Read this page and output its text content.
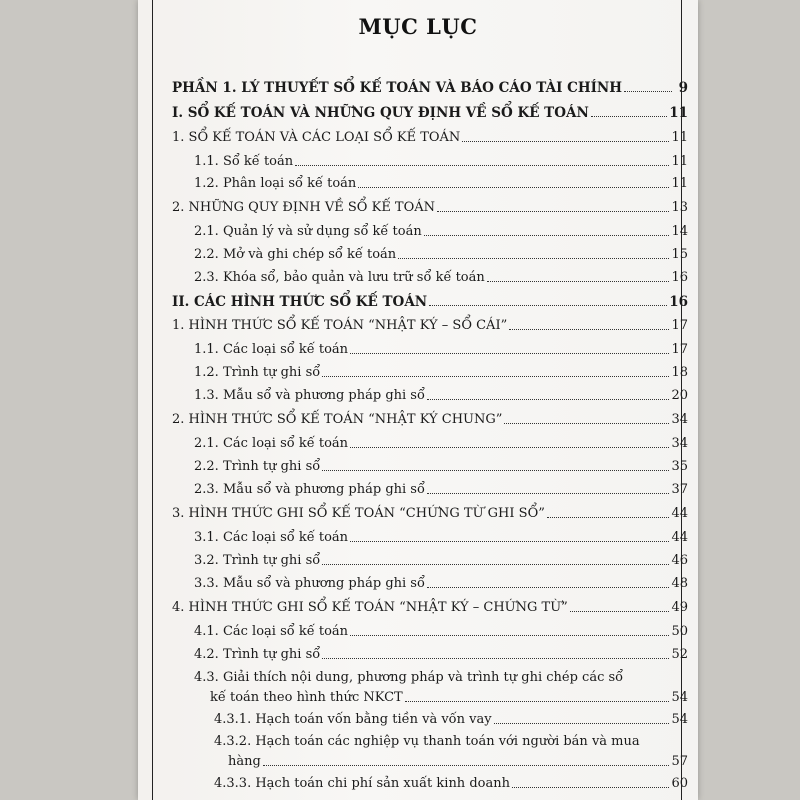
MỤC LỤC
PHẦN 1. LÝ THUYẾT SỔ KẾ TOÁN VÀ BÁO CÁO TÀI CHÍNH	9
I. SỔ KẾ TOÁN VÀ NHỮNG QUY ĐỊNH VỀ SỔ KẾ TOÁN	11
1. SỔ KẾ TOÁN VÀ CÁC LOẠI SỔ KẾ TOÁN	11
1.1. Sổ kế toán	11
1.2. Phân loại sổ kế toán	11
2. NHỮNG QUY ĐỊNH VỀ SỔ KẾ TOÁN	13
2.1. Quản lý và sử dụng sổ kế toán	14
2.2. Mở và ghi chép sổ kế toán	15
2.3. Khóa sổ, bảo quản và lưu trữ sổ kế toán	16
II. CÁC HÌNH THỨC SỔ KẾ TOÁN	16
1. HÌNH THỨC SỔ KẾ TOÁN “NHẬT KÝ – SỔ CÁI”	17
1.1. Các loại sổ kế toán	17
1.2. Trình tự ghi sổ	18
1.3. Mẫu sổ và phương pháp ghi sổ	20
2. HÌNH THỨC SỔ KẾ TOÁN “NHẬT KÝ CHUNG”	34
2.1. Các loại sổ kế toán	34
2.2. Trình tự ghi sổ	35
2.3. Mẫu sổ và phương pháp ghi sổ	37
3. HÌNH THỨC GHI SỔ KẾ TOÁN “CHỨNG TỪ GHI SỔ”	44
3.1. Các loại sổ kế toán	44
3.2. Trình tự ghi sổ	46
3.3. Mẫu sổ và phương pháp ghi sổ	48
4. HÌNH THỨC GHI SỔ KẾ TOÁN “NHẬT KÝ – CHỨNG TỪ”	49
4.1. Các loại sổ kế toán	50
4.2. Trình tự ghi sổ	52
4.3. Giải thích nội dung, phương pháp và trình tự ghi chép các sổ
kế toán theo hình thức NKCT	54
4.3.1. Hạch toán vốn bằng tiền và vốn vay	54
4.3.2. Hạch toán các nghiệp vụ thanh toán với người bán và mua
hàng	57
4.3.3. Hạch toán chi phí sản xuất kinh doanh	60
